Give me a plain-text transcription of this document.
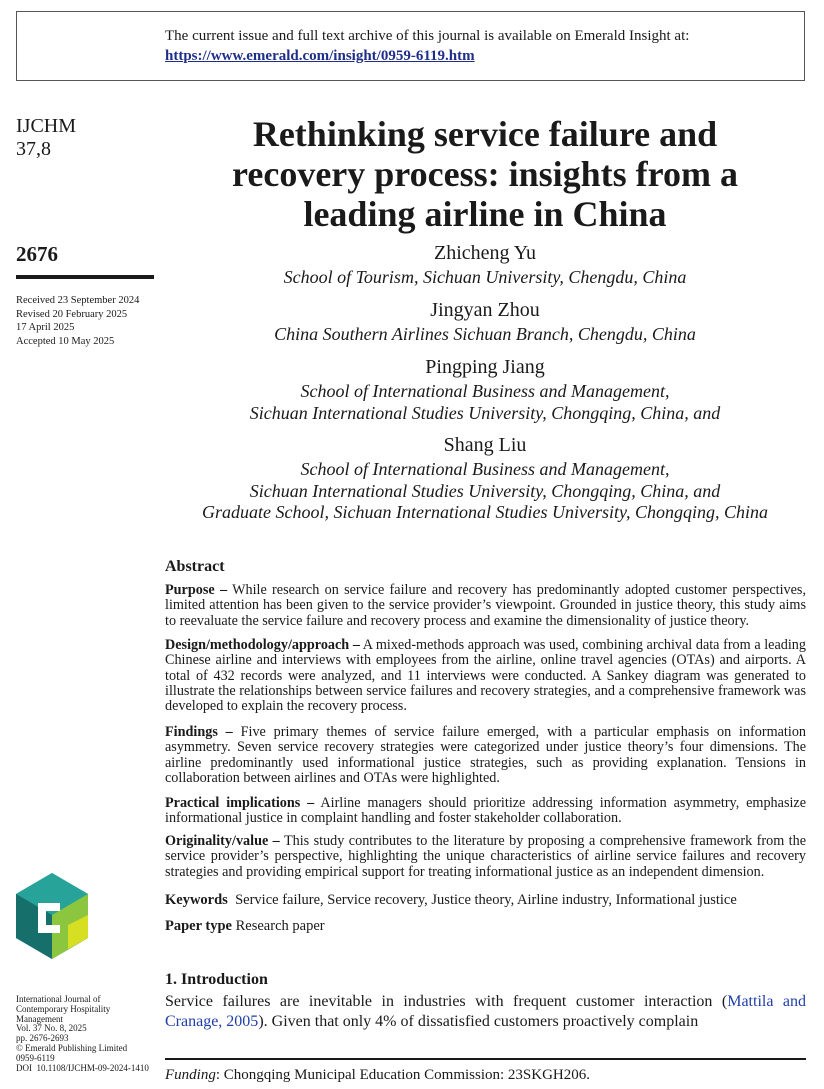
The current issue and full text archive of this journal is available on Emerald Insight at:
https://www.emerald.com/insight/0959-6119.htm
IJCHM
37,8
2676
Received 23 September 2024
Revised 20 February 2025
17 April 2025
Accepted 10 May 2025
Rethinking service failure and
recovery process: insights from a
leading airline in China
Zhicheng Yu
School of Tourism, Sichuan University, Chengdu, China
Jingyan Zhou
China Southern Airlines Sichuan Branch, Chengdu, China
Pingping Jiang
School of International Business and Management,
Sichuan International Studies University, Chongqing, China, and
Shang Liu
School of International Business and Management,
Sichuan International Studies University, Chongqing, China, and
Graduate School, Sichuan International Studies University, Chongqing, China
Abstract
Purpose – While research on service failure and recovery has predominantly adopted customer perspectives, limited attention has been given to the service provider’s viewpoint. Grounded in justice theory, this study aims to reevaluate the service failure and recovery process and examine the dimensionality of justice theory.
Design/methodology/approach – A mixed-methods approach was used, combining archival data from a leading Chinese airline and interviews with employees from the airline, online travel agencies (OTAs) and airports. A total of 432 records were analyzed, and 11 interviews were conducted. A Sankey diagram was generated to illustrate the relationships between service failures and recovery strategies, and a comprehensive framework was developed to explain the recovery process.
Findings – Five primary themes of service failure emerged, with a particular emphasis on information asymmetry. Seven service recovery strategies were categorized under justice theory’s four dimensions. The airline predominantly used informational justice strategies, such as providing explanation. Tensions in collaboration between airlines and OTAs were highlighted.
Practical implications – Airline managers should prioritize addressing information asymmetry, emphasize informational justice in complaint handling and foster stakeholder collaboration.
Originality/value – This study contributes to the literature by proposing a comprehensive framework from the service provider’s perspective, highlighting the unique characteristics of airline service failures and recovery strategies and providing empirical support for treating informational justice as an independent dimension.
Keywords Service failure, Service recovery, Justice theory, Airline industry, Informational justice
Paper type Research paper
1. Introduction
Service failures are inevitable in industries with frequent customer interaction (Mattila and Cranage, 2005). Given that only 4% of dissatisfied customers proactively complain
Funding: Chongqing Municipal Education Commission: 23SKGH206.
International Journal of
Contemporary Hospitality
Management
Vol. 37 No. 8, 2025
pp. 2676-2693
© Emerald Publishing Limited
0959-6119
DOI 10.1108/IJCHM-09-2024-1410
